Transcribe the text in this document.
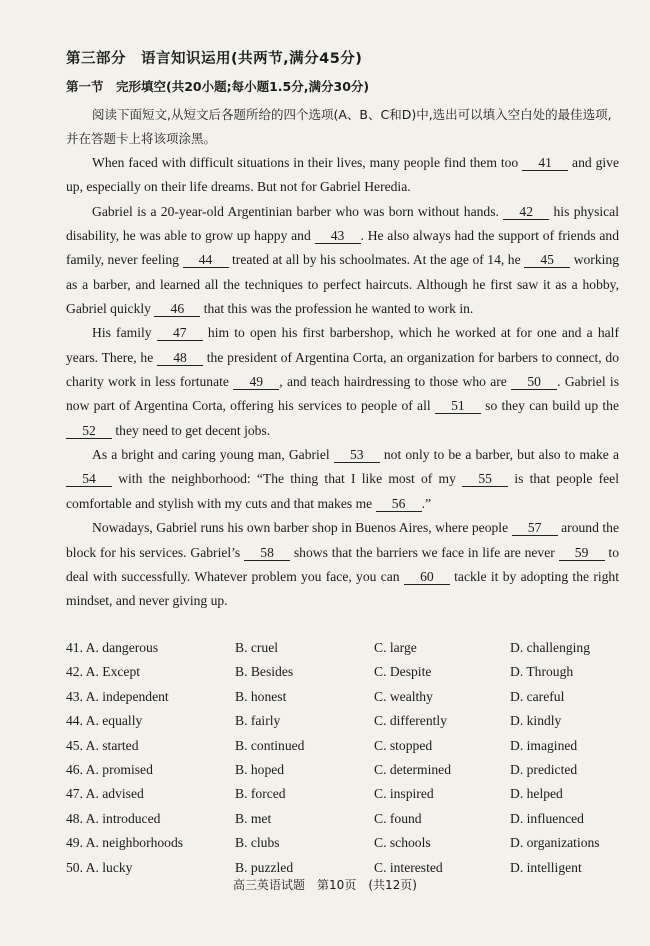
第三部分　语言知识运用(共两节,满分45分)
第一节　完形填空(共20小题;每小题1.5分,满分30分)
阅读下面短文,从短文后各题所给的四个选项(A、B、C和D)中,选出可以填入空白处的最佳选项,并在答题卡上将该项涂黑。

When faced with difficult situations in their lives, many people find them too 41 and give up, especially on their life dreams. But not for Gabriel Heredia.

Gabriel is a 20-year-old Argentinian barber who was born without hands. 42 his physical disability, he was able to grow up happy and 43 . He also always had the support of friends and family, never feeling 44 treated at all by his schoolmates. At the age of 14, he 45 working as a barber, and learned all the techniques to perfect haircuts. Although he first saw it as a hobby, Gabriel quickly 46 that this was the profession he wanted to work in.

His family 47 him to open his first barbershop, which he worked at for one and a half years. There, he 48 the president of Argentina Corta, an organization for barbers to connect, do charity work in less fortunate 49 , and teach hairdressing to those who are 50 . Gabriel is now part of Argentina Corta, offering his services to people of all 51 so they can build up the 52 they need to get decent jobs.

As a bright and caring young man, Gabriel 53 not only to be a barber, but also to make a 54 with the neighborhood: “The thing that I like most of my 55 is that people feel comfortable and stylish with my cuts and that makes me 56 .”

Nowadays, Gabriel runs his own barber shop in Buenos Aires, where people 57 around the block for his services. Gabriel’s 58 shows that the barriers we face in life are never 59 to deal with successfully. Whatever problem you face, you can 60 tackle it by adopting the right mindset, and never giving up.

41. A. dangerous	B. cruel	C. large	D. challenging
42. A. Except	B. Besides	C. Despite	D. Through
43. A. independent	B. honest	C. wealthy	D. careful
44. A. equally	B. fairly	C. differently	D. kindly
45. A. started	B. continued	C. stopped	D. imagined
46. A. promised	B. hoped	C. determined	D. predicted
47. A. advised	B. forced	C. inspired	D. helped
48. A. introduced	B. met	C. found	D. influenced
49. A. neighborhoods	B. clubs	C. schools	D. organizations
50. A. lucky	B. puzzled	C. interested	D. intelligent
高三英语试题　第10页　(共12页)
